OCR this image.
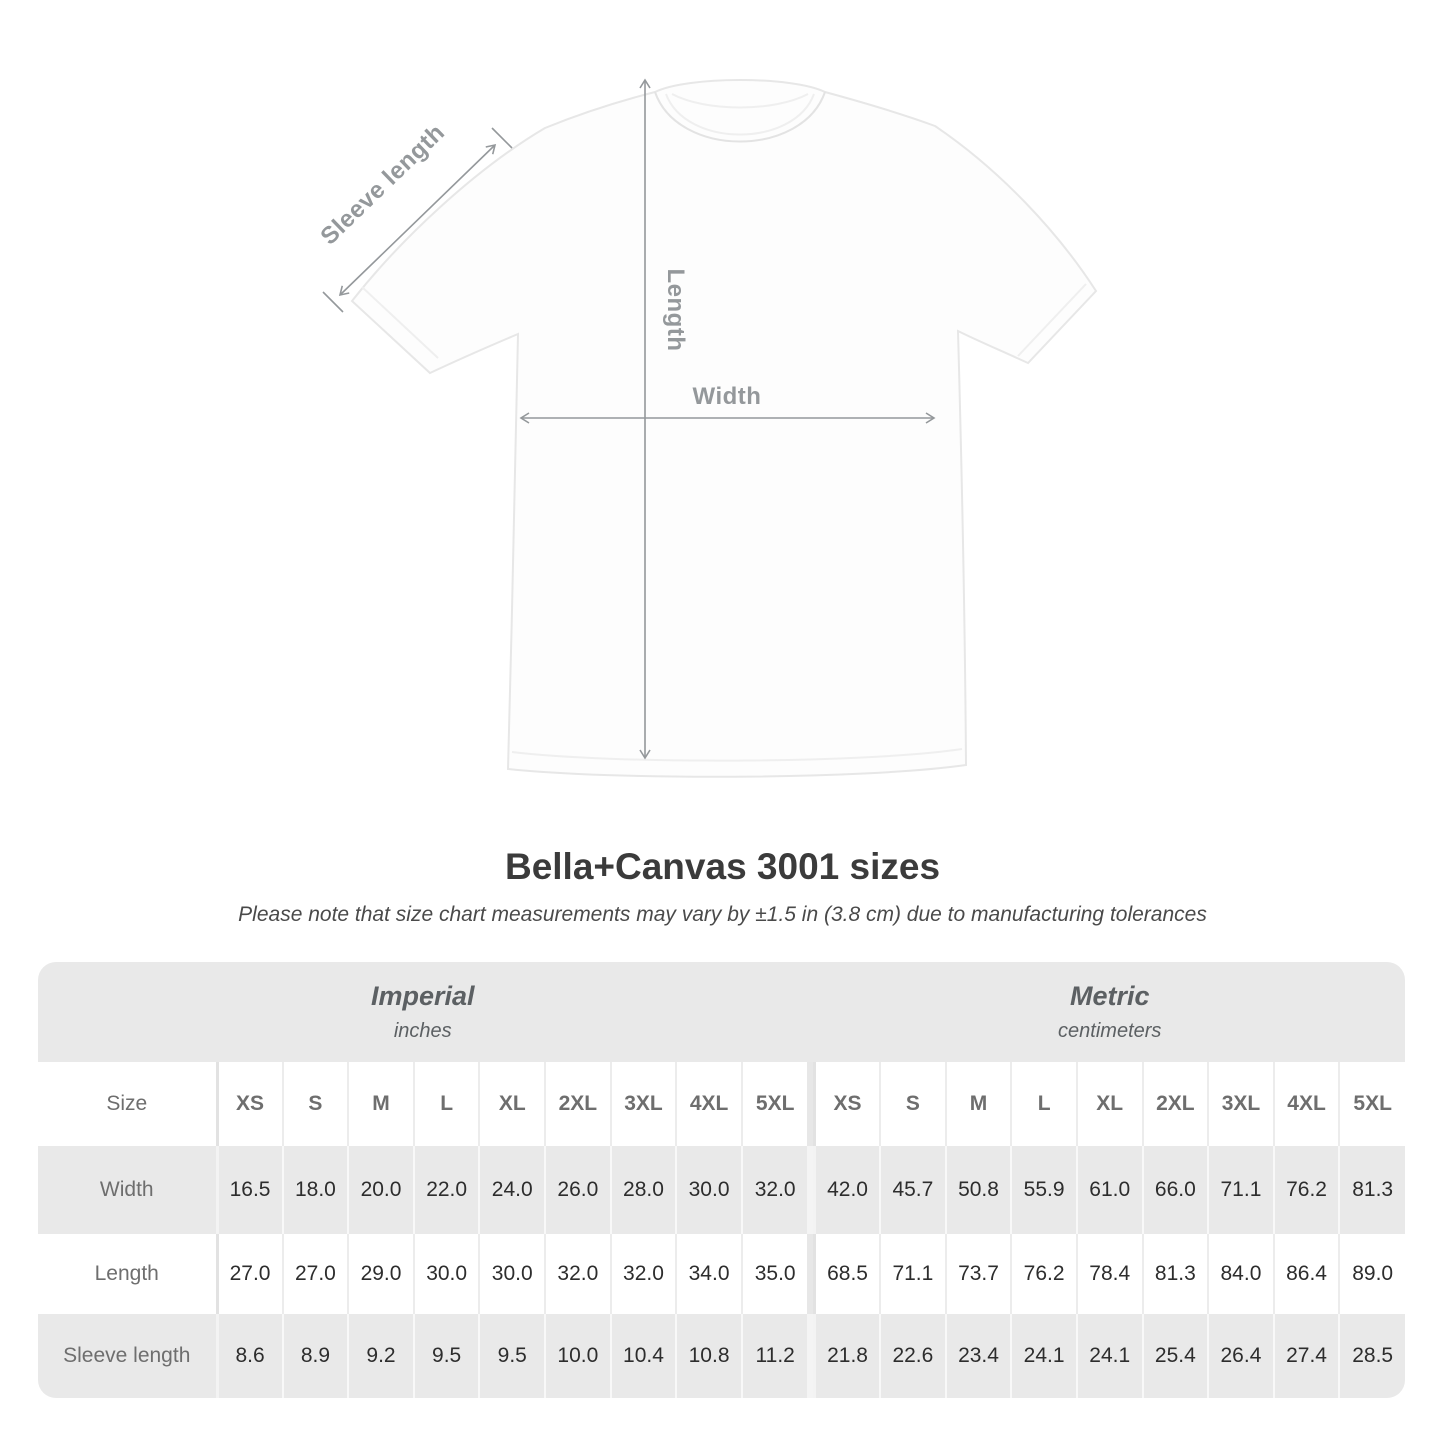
Length
Width
Sleeve length
Bella+Canvas 3001 sizes
Please note that size chart measurements may vary by ±1.5 in (3.8 cm) due to manufacturing tolerances
Imperial
inches

Metric
centimeters

Size	XS	S	M	L	XL	2XL	3XL	4XL	5XL		XS	S	M	L	XL	2XL	3XL	4XL	5XL
Width	16.5	18.0	20.0	22.0	24.0	26.0	28.0	30.0	32.0		42.0	45.7	50.8	55.9	61.0	66.0	71.1	76.2	81.3
Length	27.0	27.0	29.0	30.0	30.0	32.0	32.0	34.0	35.0		68.5	71.1	73.7	76.2	78.4	81.3	84.0	86.4	89.0
Sleeve length	8.6	8.9	9.2	9.5	9.5	10.0	10.4	10.8	11.2		21.8	22.6	23.4	24.1	24.1	25.4	26.4	27.4	28.5
